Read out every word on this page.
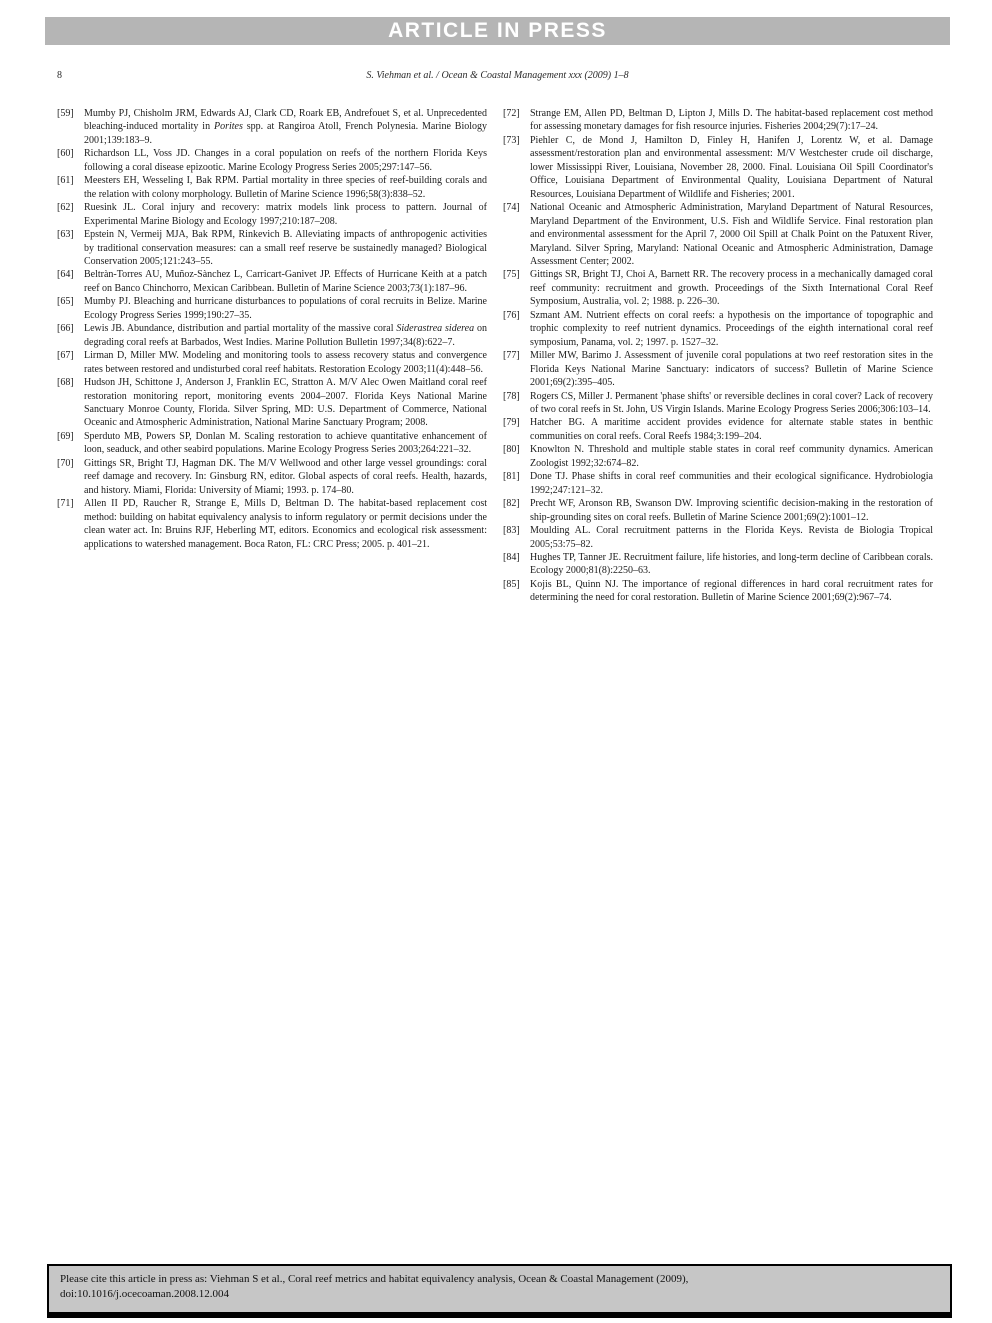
ARTICLE IN PRESS
8	S. Viehman et al. / Ocean & Coastal Management xxx (2009) 1–8
[59] Mumby PJ, Chisholm JRM, Edwards AJ, Clark CD, Roark EB, Andrefouet S, et al. Unprecedented bleaching-induced mortality in Porites spp. at Rangiroa Atoll, French Polynesia. Marine Biology 2001;139:183–9.
[60] Richardson LL, Voss JD. Changes in a coral population on reefs of the northern Florida Keys following a coral disease epizootic. Marine Ecology Progress Series 2005;297:147–56.
[61] Meesters EH, Wesseling I, Bak RPM. Partial mortality in three species of reef-building corals and the relation with colony morphology. Bulletin of Marine Science 1996;58(3):838–52.
[62] Ruesink JL. Coral injury and recovery: matrix models link process to pattern. Journal of Experimental Marine Biology and Ecology 1997;210:187–208.
[63] Epstein N, Vermeij MJA, Bak RPM, Rinkevich B. Alleviating impacts of anthropogenic activities by traditional conservation measures: can a small reef reserve be sustainedly managed? Biological Conservation 2005;121:243–55.
[64] Beltràn-Torres AU, Muñoz-Sànchez L, Carricart-Ganivet JP. Effects of Hurricane Keith at a patch reef on Banco Chinchorro, Mexican Caribbean. Bulletin of Marine Science 2003;73(1):187–96.
[65] Mumby PJ. Bleaching and hurricane disturbances to populations of coral recruits in Belize. Marine Ecology Progress Series 1999;190:27–35.
[66] Lewis JB. Abundance, distribution and partial mortality of the massive coral Siderastrea siderea on degrading coral reefs at Barbados, West Indies. Marine Pollution Bulletin 1997;34(8):622–7.
[67] Lirman D, Miller MW. Modeling and monitoring tools to assess recovery status and convergence rates between restored and undisturbed coral reef habitats. Restoration Ecology 2003;11(4):448–56.
[68] Hudson JH, Schittone J, Anderson J, Franklin EC, Stratton A. M/V Alec Owen Maitland coral reef restoration monitoring report, monitoring events 2004–2007. Florida Keys National Marine Sanctuary Monroe County, Florida. Silver Spring, MD: U.S. Department of Commerce, National Oceanic and Atmospheric Administration, National Marine Sanctuary Program; 2008.
[69] Sperduto MB, Powers SP, Donlan M. Scaling restoration to achieve quantitative enhancement of loon, seaduck, and other seabird populations. Marine Ecology Progress Series 2003;264:221–32.
[70] Gittings SR, Bright TJ, Hagman DK. The M/V Wellwood and other large vessel groundings: coral reef damage and recovery. In: Ginsburg RN, editor. Global aspects of coral reefs. Health, hazards, and history. Miami, Florida: University of Miami; 1993. p. 174–80.
[71] Allen II PD, Raucher R, Strange E, Mills D, Beltman D. The habitat-based replacement cost method: building on habitat equivalency analysis to inform regulatory or permit decisions under the clean water act. In: Bruins RJF, Heberling MT, editors. Economics and ecological risk assessment: applications to watershed management. Boca Raton, FL: CRC Press; 2005. p. 401–21.
[72] Strange EM, Allen PD, Beltman D, Lipton J, Mills D. The habitat-based replacement cost method for assessing monetary damages for fish resource injuries. Fisheries 2004;29(7):17–24.
[73] Piehler C, de Mond J, Hamilton D, Finley H, Hanifen J, Lorentz W, et al. Damage assessment/restoration plan and environmental assessment: M/V Westchester crude oil discharge, lower Mississippi River, Louisiana, November 28, 2000. Final. Louisiana Oil Spill Coordinator's Office, Louisiana Department of Environmental Quality, Louisiana Department of Natural Resources, Louisiana Department of Wildlife and Fisheries; 2001.
[74] National Oceanic and Atmospheric Administration, Maryland Department of Natural Resources, Maryland Department of the Environment, U.S. Fish and Wildlife Service. Final restoration plan and environmental assessment for the April 7, 2000 Oil Spill at Chalk Point on the Patuxent River, Maryland. Silver Spring, Maryland: National Oceanic and Atmospheric Administration, Damage Assessment Center; 2002.
[75] Gittings SR, Bright TJ, Choi A, Barnett RR. The recovery process in a mechanically damaged coral reef community: recruitment and growth. Proceedings of the Sixth International Coral Reef Symposium, Australia, vol. 2; 1988. p. 226–30.
[76] Szmant AM. Nutrient effects on coral reefs: a hypothesis on the importance of topographic and trophic complexity to reef nutrient dynamics. Proceedings of the eighth international coral reef symposium, Panama, vol. 2; 1997. p. 1527–32.
[77] Miller MW, Barimo J. Assessment of juvenile coral populations at two reef restoration sites in the Florida Keys National Marine Sanctuary: indicators of success? Bulletin of Marine Science 2001;69(2):395–405.
[78] Rogers CS, Miller J. Permanent 'phase shifts' or reversible declines in coral cover? Lack of recovery of two coral reefs in St. John, US Virgin Islands. Marine Ecology Progress Series 2006;306:103–14.
[79] Hatcher BG. A maritime accident provides evidence for alternate stable states in benthic communities on coral reefs. Coral Reefs 1984;3:199–204.
[80] Knowlton N. Threshold and multiple stable states in coral reef community dynamics. American Zoologist 1992;32:674–82.
[81] Done TJ. Phase shifts in coral reef communities and their ecological significance. Hydrobiologia 1992;247:121–32.
[82] Precht WF, Aronson RB, Swanson DW. Improving scientific decision-making in the restoration of ship-grounding sites on coral reefs. Bulletin of Marine Science 2001;69(2):1001–12.
[83] Moulding AL. Coral recruitment patterns in the Florida Keys. Revista de Biologia Tropical 2005;53:75–82.
[84] Hughes TP, Tanner JE. Recruitment failure, life histories, and long-term decline of Caribbean corals. Ecology 2000;81(8):2250–63.
[85] Kojis BL, Quinn NJ. The importance of regional differences in hard coral recruitment rates for determining the need for coral restoration. Bulletin of Marine Science 2001;69(2):967–74.
Please cite this article in press as: Viehman S et al., Coral reef metrics and habitat equivalency analysis, Ocean & Coastal Management (2009),
doi:10.1016/j.ocecoaman.2008.12.004
